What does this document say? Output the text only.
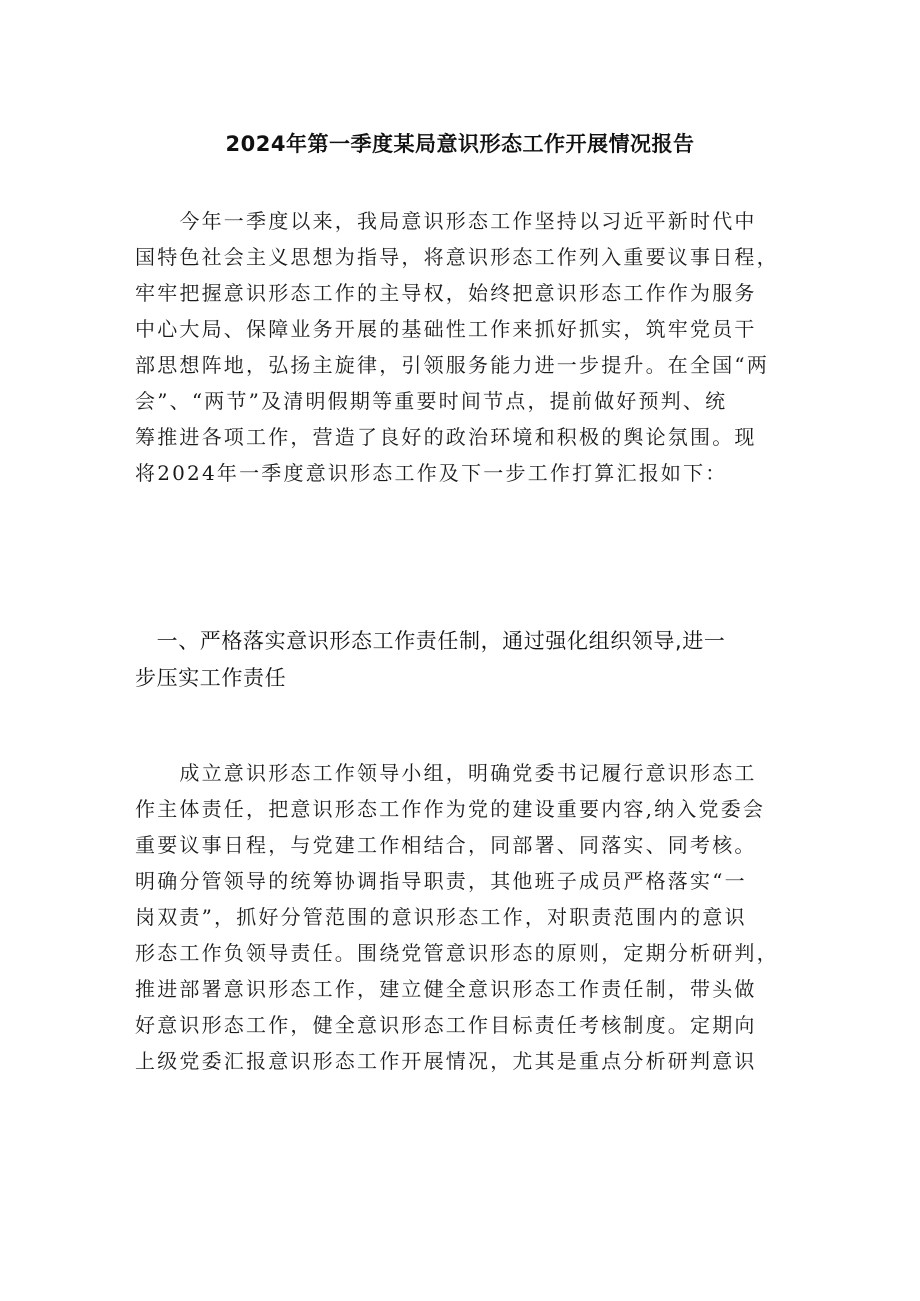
2024年第一季度某局意识形态工作开展情况报告
　　今年一季度以来，我局意识形态工作坚持以习近平新时代中
国特色社会主义思想为指导，将意识形态工作列入重要议事日程，
牢牢把握意识形态工作的主导权，始终把意识形态工作作为服务
中心大局、保障业务开展的基础性工作来抓好抓实，筑牢党员干
部思想阵地，弘扬主旋律，引领服务能力进一步提升。在全国“两
会”、“两节”及清明假期等重要时间节点，提前做好预判、统
筹推进各项工作，营造了良好的政治环境和积极的舆论氛围。现
将2024年一季度意识形态工作及下一步工作打算汇报如下：
　一、严格落实意识形态工作责任制，通过强化组织领导,进一
步压实工作责任
　　成立意识形态工作领导小组，明确党委书记履行意识形态工
作主体责任，把意识形态工作作为党的建设重要内容,纳入党委会
重要议事日程，与党建工作相结合，同部署、同落实、同考核。
明确分管领导的统筹协调指导职责，其他班子成员严格落实“一
岗双责”，抓好分管范围的意识形态工作，对职责范围内的意识
形态工作负领导责任。围绕党管意识形态的原则，定期分析研判，
推进部署意识形态工作，建立健全意识形态工作责任制，带头做
好意识形态工作，健全意识形态工作目标责任考核制度。定期向
上级党委汇报意识形态工作开展情况，尤其是重点分析研判意识
